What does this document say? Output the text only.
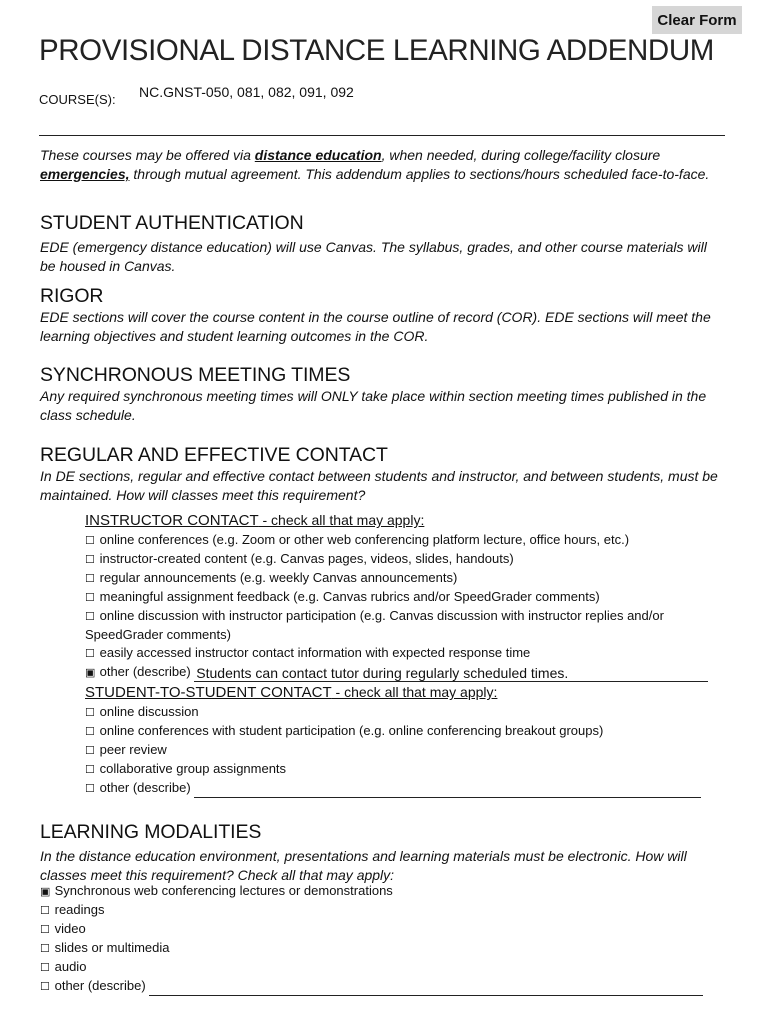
Clear Form
PROVISIONAL DISTANCE LEARNING ADDENDUM
COURSE(S): NC.GNST-050, 081, 082, 091, 092

These courses may be offered via distance education, when needed, during college/facility closure emergencies, through mutual agreement. This addendum applies to sections/hours scheduled face-to-face.

STUDENT AUTHENTICATION

EDE (emergency distance education) will use Canvas. The syllabus, grades, and other course materials will be housed in Canvas.

RIGOR

EDE sections will cover the course content in the course outline of record (COR). EDE sections will meet the learning objectives and student learning outcomes in the COR.

SYNCHRONOUS MEETING TIMES

Any required synchronous meeting times will ONLY take place within section meeting times published in the class schedule.

REGULAR AND EFFECTIVE CONTACT

In DE sections, regular and effective contact between students and instructor, and between students, must be maintained. How will classes meet this requirement?

INSTRUCTOR CONTACT - check all that may apply:
☐ online conferences (e.g. Zoom or other web conferencing platform lecture, office hours, etc.)
☐ instructor-created content (e.g. Canvas pages, videos, slides, handouts)
☐ regular announcements (e.g. weekly Canvas announcements)
☐ meaningful assignment feedback (e.g. Canvas rubrics and/or SpeedGrader comments)
☐ online discussion with instructor participation (e.g. Canvas discussion with instructor replies and/or SpeedGrader comments)
☐ easily accessed instructor contact information with expected response time
▣ other (describe) Students can contact tutor during regularly scheduled times.
STUDENT-TO-STUDENT CONTACT - check all that may apply:
☐ online discussion
☐ online conferences with student participation (e.g. online conferencing breakout groups)
☐ peer review
☐ collaborative group assignments
☐ other (describe)
LEARNING MODALITIES

In the distance education environment, presentations and learning materials must be electronic. How will classes meet this requirement? Check all that may apply:

▣ Synchronous web conferencing lectures or demonstrations
☐ readings
☐ video
☐ slides or multimedia
☐ audio
☐ other (describe)
